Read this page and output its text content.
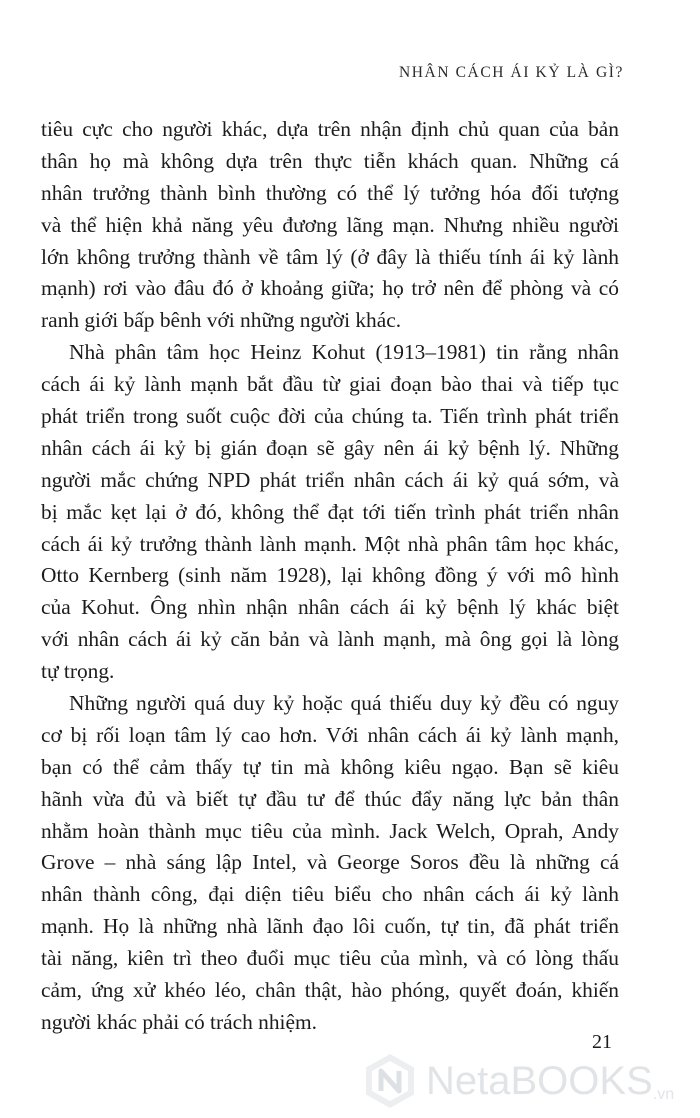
NHÂN CÁCH ÁI KỶ LÀ GÌ?
tiêu cực cho người khác, dựa trên nhận định chủ quan của bản
thân họ mà không dựa trên thực tiễn khách quan. Những cá
nhân trưởng thành bình thường có thể lý tưởng hóa đối tượng
và thể hiện khả năng yêu đương lãng mạn. Nhưng nhiều người
lớn không trưởng thành về tâm lý (ở đây là thiếu tính ái kỷ lành
mạnh) rơi vào đâu đó ở khoảng giữa; họ trở nên để phòng và có
ranh giới bấp bênh với những người khác.
Nhà phân tâm học Heinz Kohut (1913–1981) tin rằng nhân
cách ái kỷ lành mạnh bắt đầu từ giai đoạn bào thai và tiếp tục
phát triển trong suốt cuộc đời của chúng ta. Tiến trình phát triển
nhân cách ái kỷ bị gián đoạn sẽ gây nên ái kỷ bệnh lý. Những
người mắc chứng NPD phát triển nhân cách ái kỷ quá sớm, và
bị mắc kẹt lại ở đó, không thể đạt tới tiến trình phát triển nhân
cách ái kỷ trưởng thành lành mạnh. Một nhà phân tâm học khác,
Otto Kernberg (sinh năm 1928), lại không đồng ý với mô hình
của Kohut. Ông nhìn nhận nhân cách ái kỷ bệnh lý khác biệt
với nhân cách ái kỷ căn bản và lành mạnh, mà ông gọi là lòng
tự trọng.
Những người quá duy kỷ hoặc quá thiếu duy kỷ đều có nguy
cơ bị rối loạn tâm lý cao hơn. Với nhân cách ái kỷ lành mạnh,
bạn có thể cảm thấy tự tin mà không kiêu ngạo. Bạn sẽ kiêu
hãnh vừa đủ và biết tự đầu tư để thúc đẩy năng lực bản thân
nhằm hoàn thành mục tiêu của mình. Jack Welch, Oprah, Andy
Grove – nhà sáng lập Intel, và George Soros đều là những cá
nhân thành công, đại diện tiêu biểu cho nhân cách ái kỷ lành
mạnh. Họ là những nhà lãnh đạo lôi cuốn, tự tin, đã phát triển
tài năng, kiên trì theo đuổi mục tiêu của mình, và có lòng thấu
cảm, ứng xử khéo léo, chân thật, hào phóng, quyết đoán, khiến
người khác phải có trách nhiệm.
21
NetaBOOKS .vn
